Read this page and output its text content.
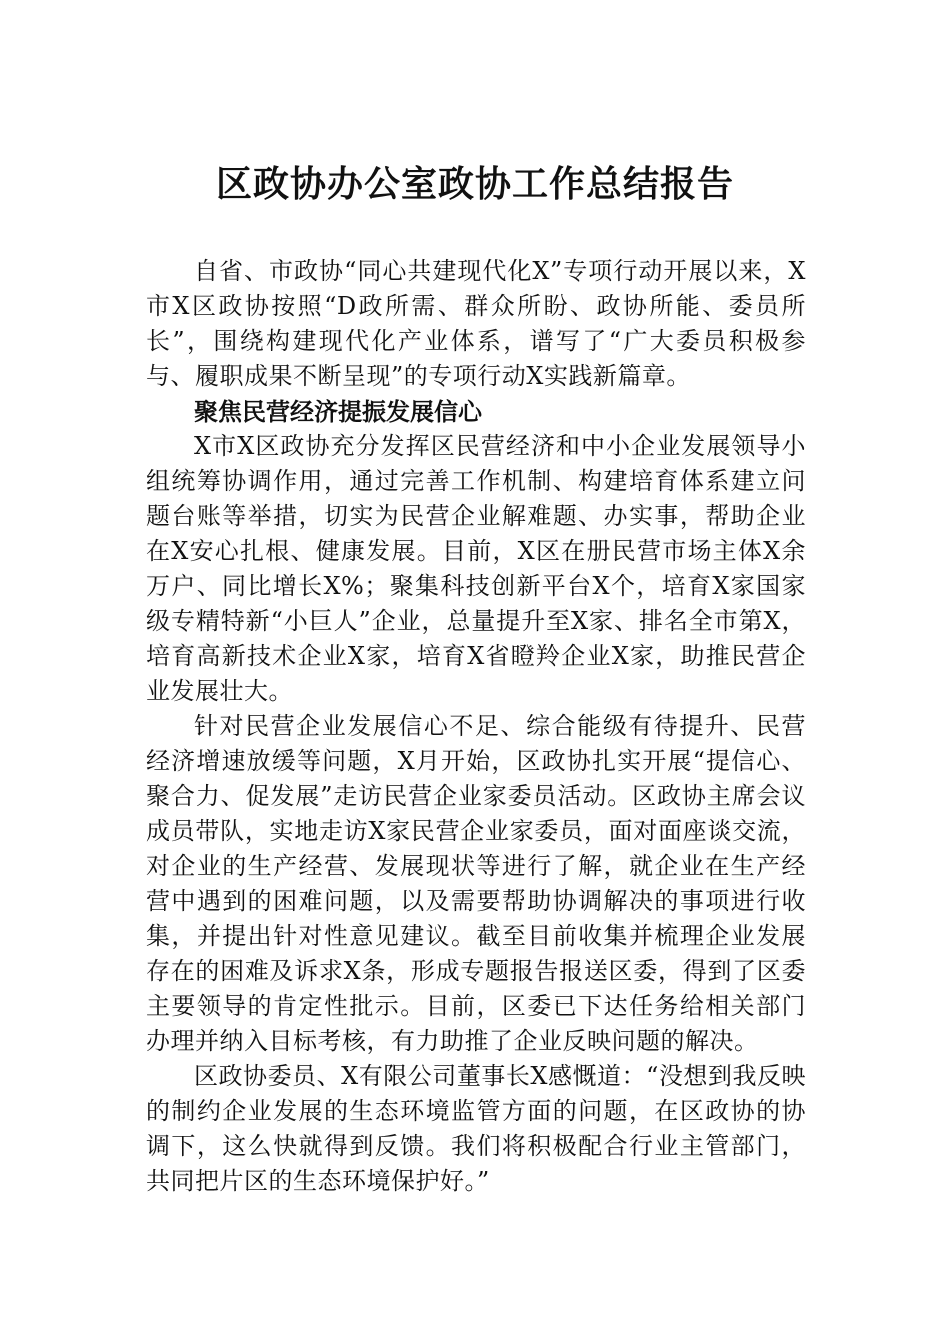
区政协办公室政协工作总结报告

自省、市政协“同心共建现代化X”专项行动开展以来，X市X区政协按照“D政所需、群众所盼、政协所能、委员所长”，围绕构建现代化产业体系，谱写了“广大委员积极参与、履职成果不断呈现”的专项行动X实践新篇章。

聚焦民营经济提振发展信心

X市X区政协充分发挥区民营经济和中小企业发展领导小组统筹协调作用，通过完善工作机制、构建培育体系建立问题台账等举措，切实为民营企业解难题、办实事，帮助企业在X安心扎根、健康发展。目前，X区在册民营市场主体X余万户、同比增长X%；聚集科技创新平台X个，培育X家国家级专精特新“小巨人”企业，总量提升至X家、排名全市第X，培育高新技术企业X家，培育X省瞪羚企业X家，助推民营企业发展壮大。

针对民营企业发展信心不足、综合能级有待提升、民营经济增速放缓等问题，X月开始，区政协扎实开展“提信心、聚合力、促发展”走访民营企业家委员活动。区政协主席会议成员带队，实地走访X家民营企业家委员，面对面座谈交流，对企业的生产经营、发展现状等进行了解，就企业在生产经营中遇到的困难问题，以及需要帮助协调解决的事项进行收集，并提出针对性意见建议。截至目前收集并梳理企业发展存在的困难及诉求X条，形成专题报告报送区委，得到了区委主要领导的肯定性批示。目前，区委已下达任务给相关部门办理并纳入目标考核，有力助推了企业反映问题的解决。

区政协委员、X有限公司董事长X感慨道：“没想到我反映的制约企业发展的生态环境监管方面的问题，在区政协的协调下，这么快就得到反馈。我们将积极配合行业主管部门，共同把片区的生态环境保护好。”
